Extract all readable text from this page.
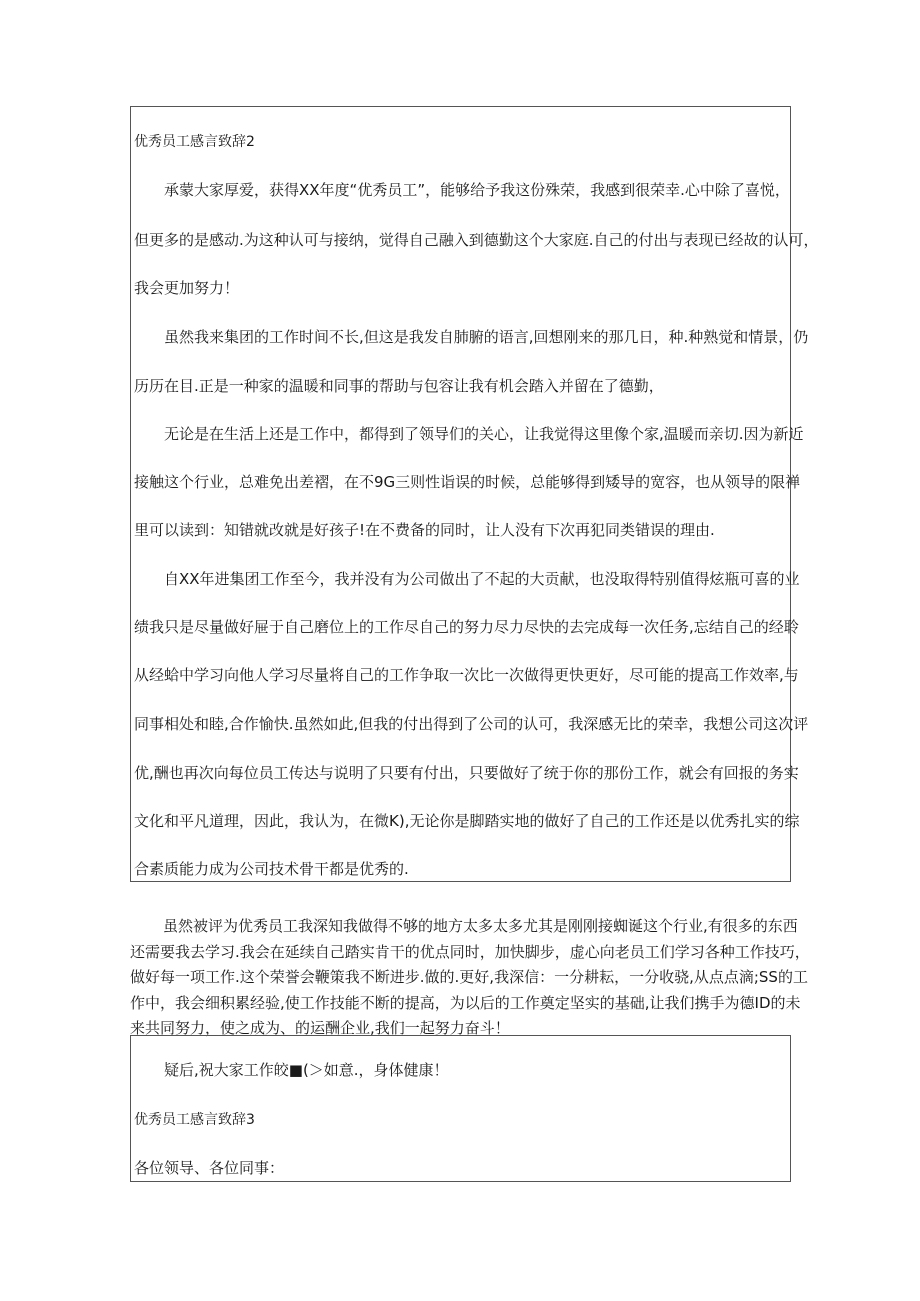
优秀员工感言致辞2
承蒙大家厚爱，获得XX年度“优秀员工”，能够给予我这份殊荣，我感到很荣幸.心中除了喜悦，
但更多的是感动.为这种认可与接纳，觉得自己融入到德勤这个大家庭.自己的付出与表现已经故的认可，
我会更加努力！
虽然我来集团的工作时间不长,但这是我发自肺腑的语言,回想刚来的那几日，种.种熟觉和情景，仍
历历在目.正是一种家的温暖和同事的帮助与包容让我有机会踏入并留在了德勤，
无论是在生活上还是工作中，都得到了领导们的关心，让我觉得这里像个家,温暖而亲切.因为新近
接触这个行业，总难免出差褶，在不9G三则性诣误的时候，总能够得到矮导的宽容，也从领导的限禅
里可以读到：知错就改就是好孩子!在不费备的同时，让人没有下次再犯同类错误的理由.
自XX年进集团工作至今，我并没有为公司做出了不起的大贡献，也没取得特别值得炫瓶可喜的业
绩我只是尽量做好屉于自己磨位上的工作尽自己的努力尽力尽快的去完成每一次任务,忘结自己的经聆
从经蛤中学习向他人学习尽量将自己的工作争取一次比一次做得更快更好，尽可能的提高工作效率,与
同事相处和睦,合作愉快.虽然如此,但我的付出得到了公司的认可，我深感无比的荣幸，我想公司这次评
优,酬也再次向每位员工传达与说明了只要有付出，只要做好了统于你的那份工作，就会有回报的务实
文化和平凡道理，因此，我认为，在微K),无论你是脚踏实地的做好了自己的工作还是以优秀扎实的综
合素质能力成为公司技术骨干都是优秀的.
虽然被评为优秀员工我深知我做得不够的地方太多太多尤其是刚刚接蜘诞这个行业,有很多的东西
还需要我去学习.我会在延续自己踏实肯干的优点同时，加快脚步，虚心向老员工们学习各种工作技巧，
做好每一项工作.这个荣誉会鞭策我不断进步.做的.更好,我深信：一分耕耘，一分收骁,从点点滴;SS的工
作中，我会细积累经验,使工作技能不断的提高，为以后的工作奠定坚实的基础,让我们携手为德ID的未
来共同努力，使之成为、的运酬企业,我们一起努力奋斗！
疑后,祝大家工作皎■(＞如意.，身体健康！
优秀员工感言致辞3
各位领导、各位同事：
